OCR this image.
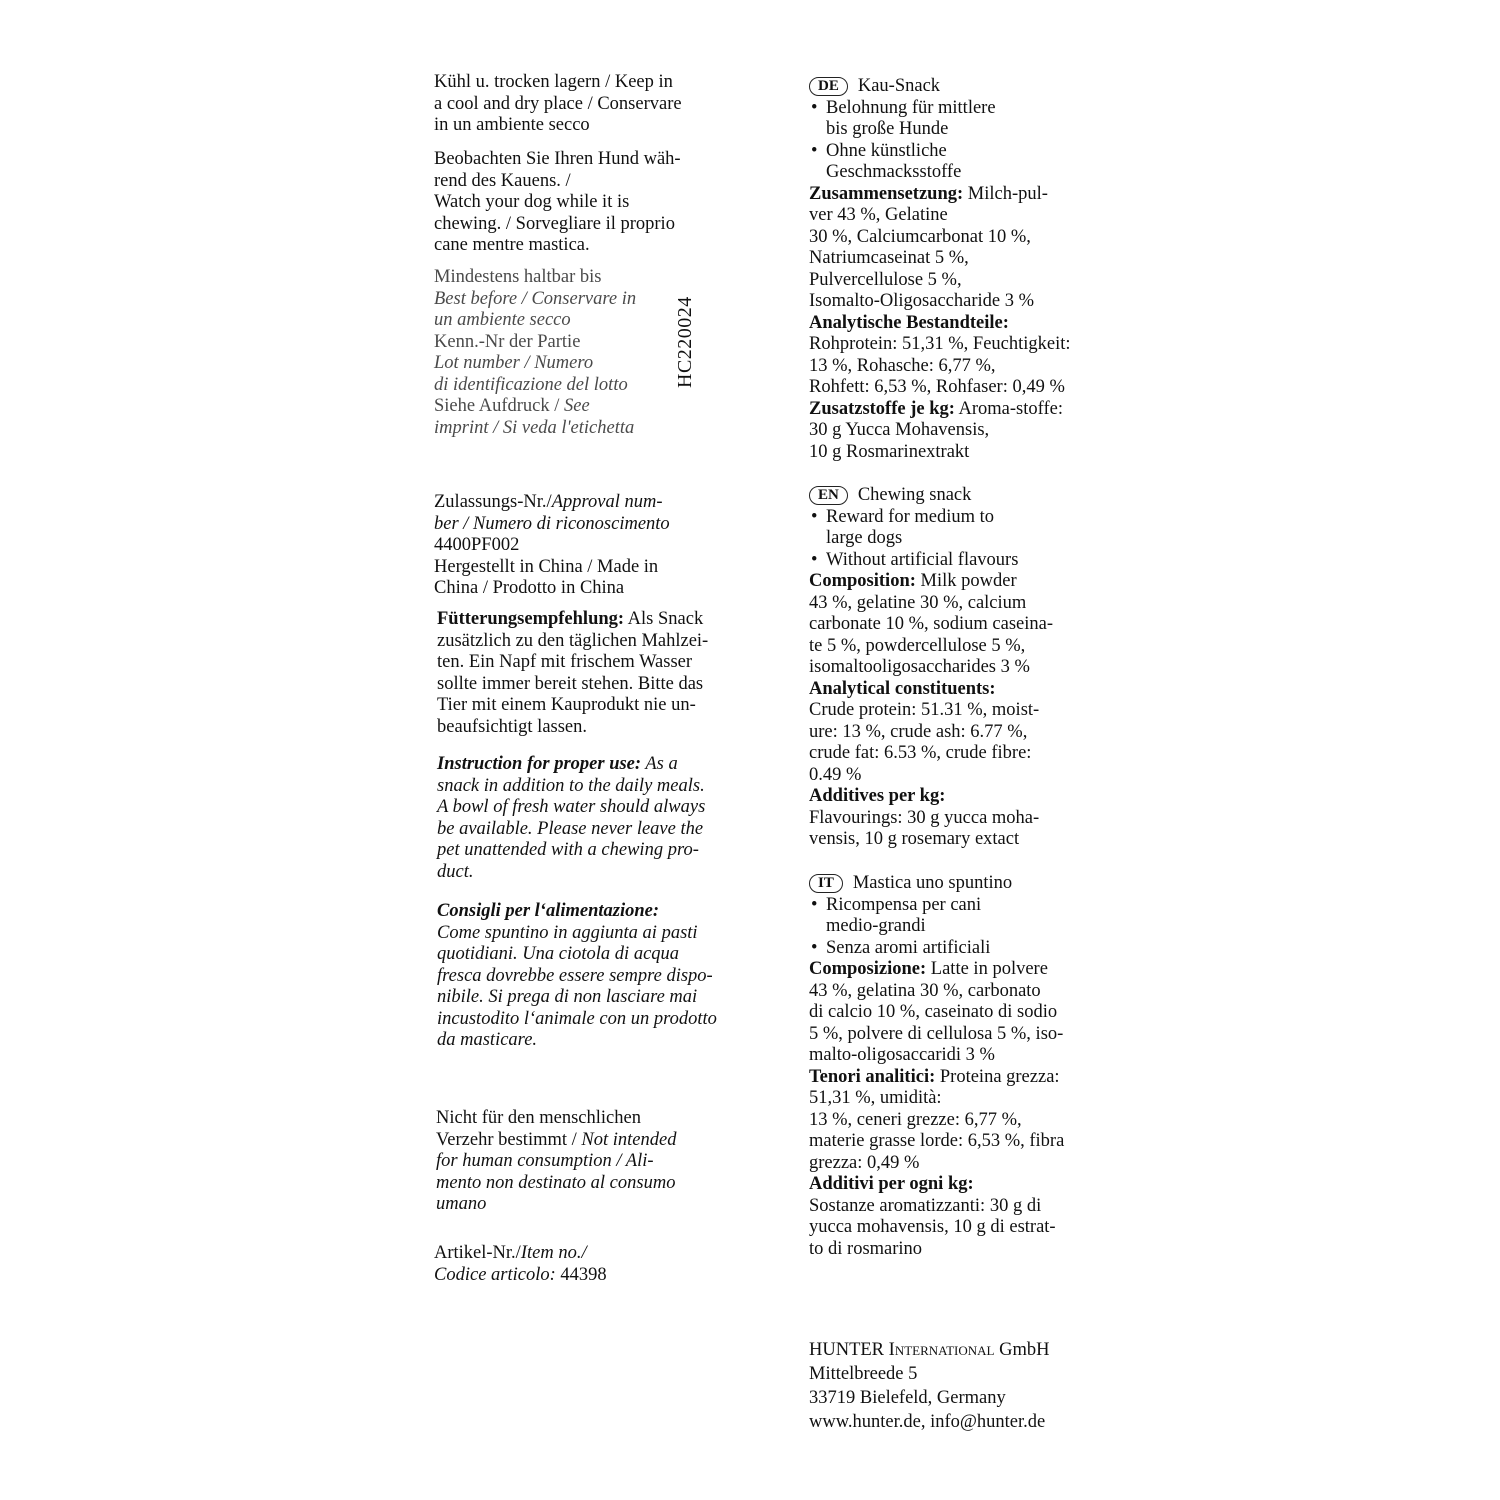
Kühl u. trocken lagern / Keep in
a cool and dry place / Conservare
in un ambiente secco
Beobachten Sie Ihren Hund wäh-
rend des Kauens. /
Watch your dog while it is
chewing. / Sorvegliare il proprio
cane mentre mastica.
Mindestens haltbar bis
Best before / Conservare in
un ambiente secco
Kenn.-Nr der Partie
Lot number / Numero
di identificazione del lotto
Siehe Aufdruck / See
imprint / Si veda l'etichetta
Zulassungs-Nr./Approval num-
ber / Numero di riconoscimento
4400PF002
Hergestellt in China / Made in
China / Prodotto in China
Fütterungsempfehlung: Als Snack
zusätzlich zu den täglichen Mahlzei-
ten. Ein Napf mit frischem Wasser
sollte immer bereit stehen. Bitte das
Tier mit einem Kauprodukt nie un-
beaufsichtigt lassen.
Instruction for proper use: As a
snack in addition to the daily meals.
A bowl of fresh water should always
be available. Please never leave the
pet unattended with a chewing pro-
duct.
Consigli per l‘alimentazione:
Come spuntino in aggiunta ai pasti
quotidiani. Una ciotola di acqua
fresca dovrebbe essere sempre dispo-
nibile. Si prega di non lasciare mai
incustodito l‘animale con un prodotto
da masticare.
Nicht für den menschlichen
Verzehr bestimmt / Not intended
for human consumption / Ali-
mento non destinato al consumo
umano
Artikel-Nr./Item no./
Codice articolo: 44398
HC220024
DE Kau-Snack
• Belohnung für mittlere
bis große Hunde
• Ohne künstliche
Geschmacksstoffe
Zusammensetzung: Milch-pul-
ver 43 %, Gelatine
30 %, Calciumcarbonat 10 %,
Natriumcaseinat 5 %,
Pulvercellulose 5 %,
Isomalto-Oligosaccharide 3 %
Analytische Bestandteile:
Rohprotein: 51,31 %, Feuchtigkeit:
13 %, Rohasche: 6,77 %,
Rohfett: 6,53 %, Rohfaser: 0,49 %
Zusatzstoffe je kg: Aroma-stoffe:
30 g Yucca Mohavensis,
10 g Rosmarinextrakt
EN Chewing snack
• Reward for medium to
large dogs
• Without artificial flavours
Composition: Milk powder
43 %, gelatine 30 %, calcium
carbonate 10 %, sodium caseina-
te 5 %, powdercellulose 5 %,
isomaltooligosaccharides 3 %
Analytical constituents:
Crude protein: 51.31 %, moist-
ure: 13 %, crude ash: 6.77 %,
crude fat: 6.53 %, crude fibre:
0.49 %
Additives per kg:
Flavourings: 30 g yucca moha-
vensis, 10 g rosemary extact
IT Mastica uno spuntino
• Ricompensa per cani
medio-grandi
• Senza aromi artificiali
Composizione: Latte in polvere
43 %, gelatina 30 %, carbonato
di calcio 10 %, caseinato di sodio
5 %, polvere di cellulosa 5 %, iso-
malto-oligosaccaridi 3 %
Tenori analitici: Proteina grezza:
51,31 %, umidità:
13 %, ceneri grezze: 6,77 %,
materie grasse lorde: 6,53 %, fibra
grezza: 0,49 %
Additivi per ogni kg:
Sostanze aromatizzanti: 30 g di
yucca mohavensis, 10 g di estrat-
to di rosmarino
HUNTER International GmbH
Mittelbreede 5
33719 Bielefeld, Germany
www.hunter.de, info@hunter.de
